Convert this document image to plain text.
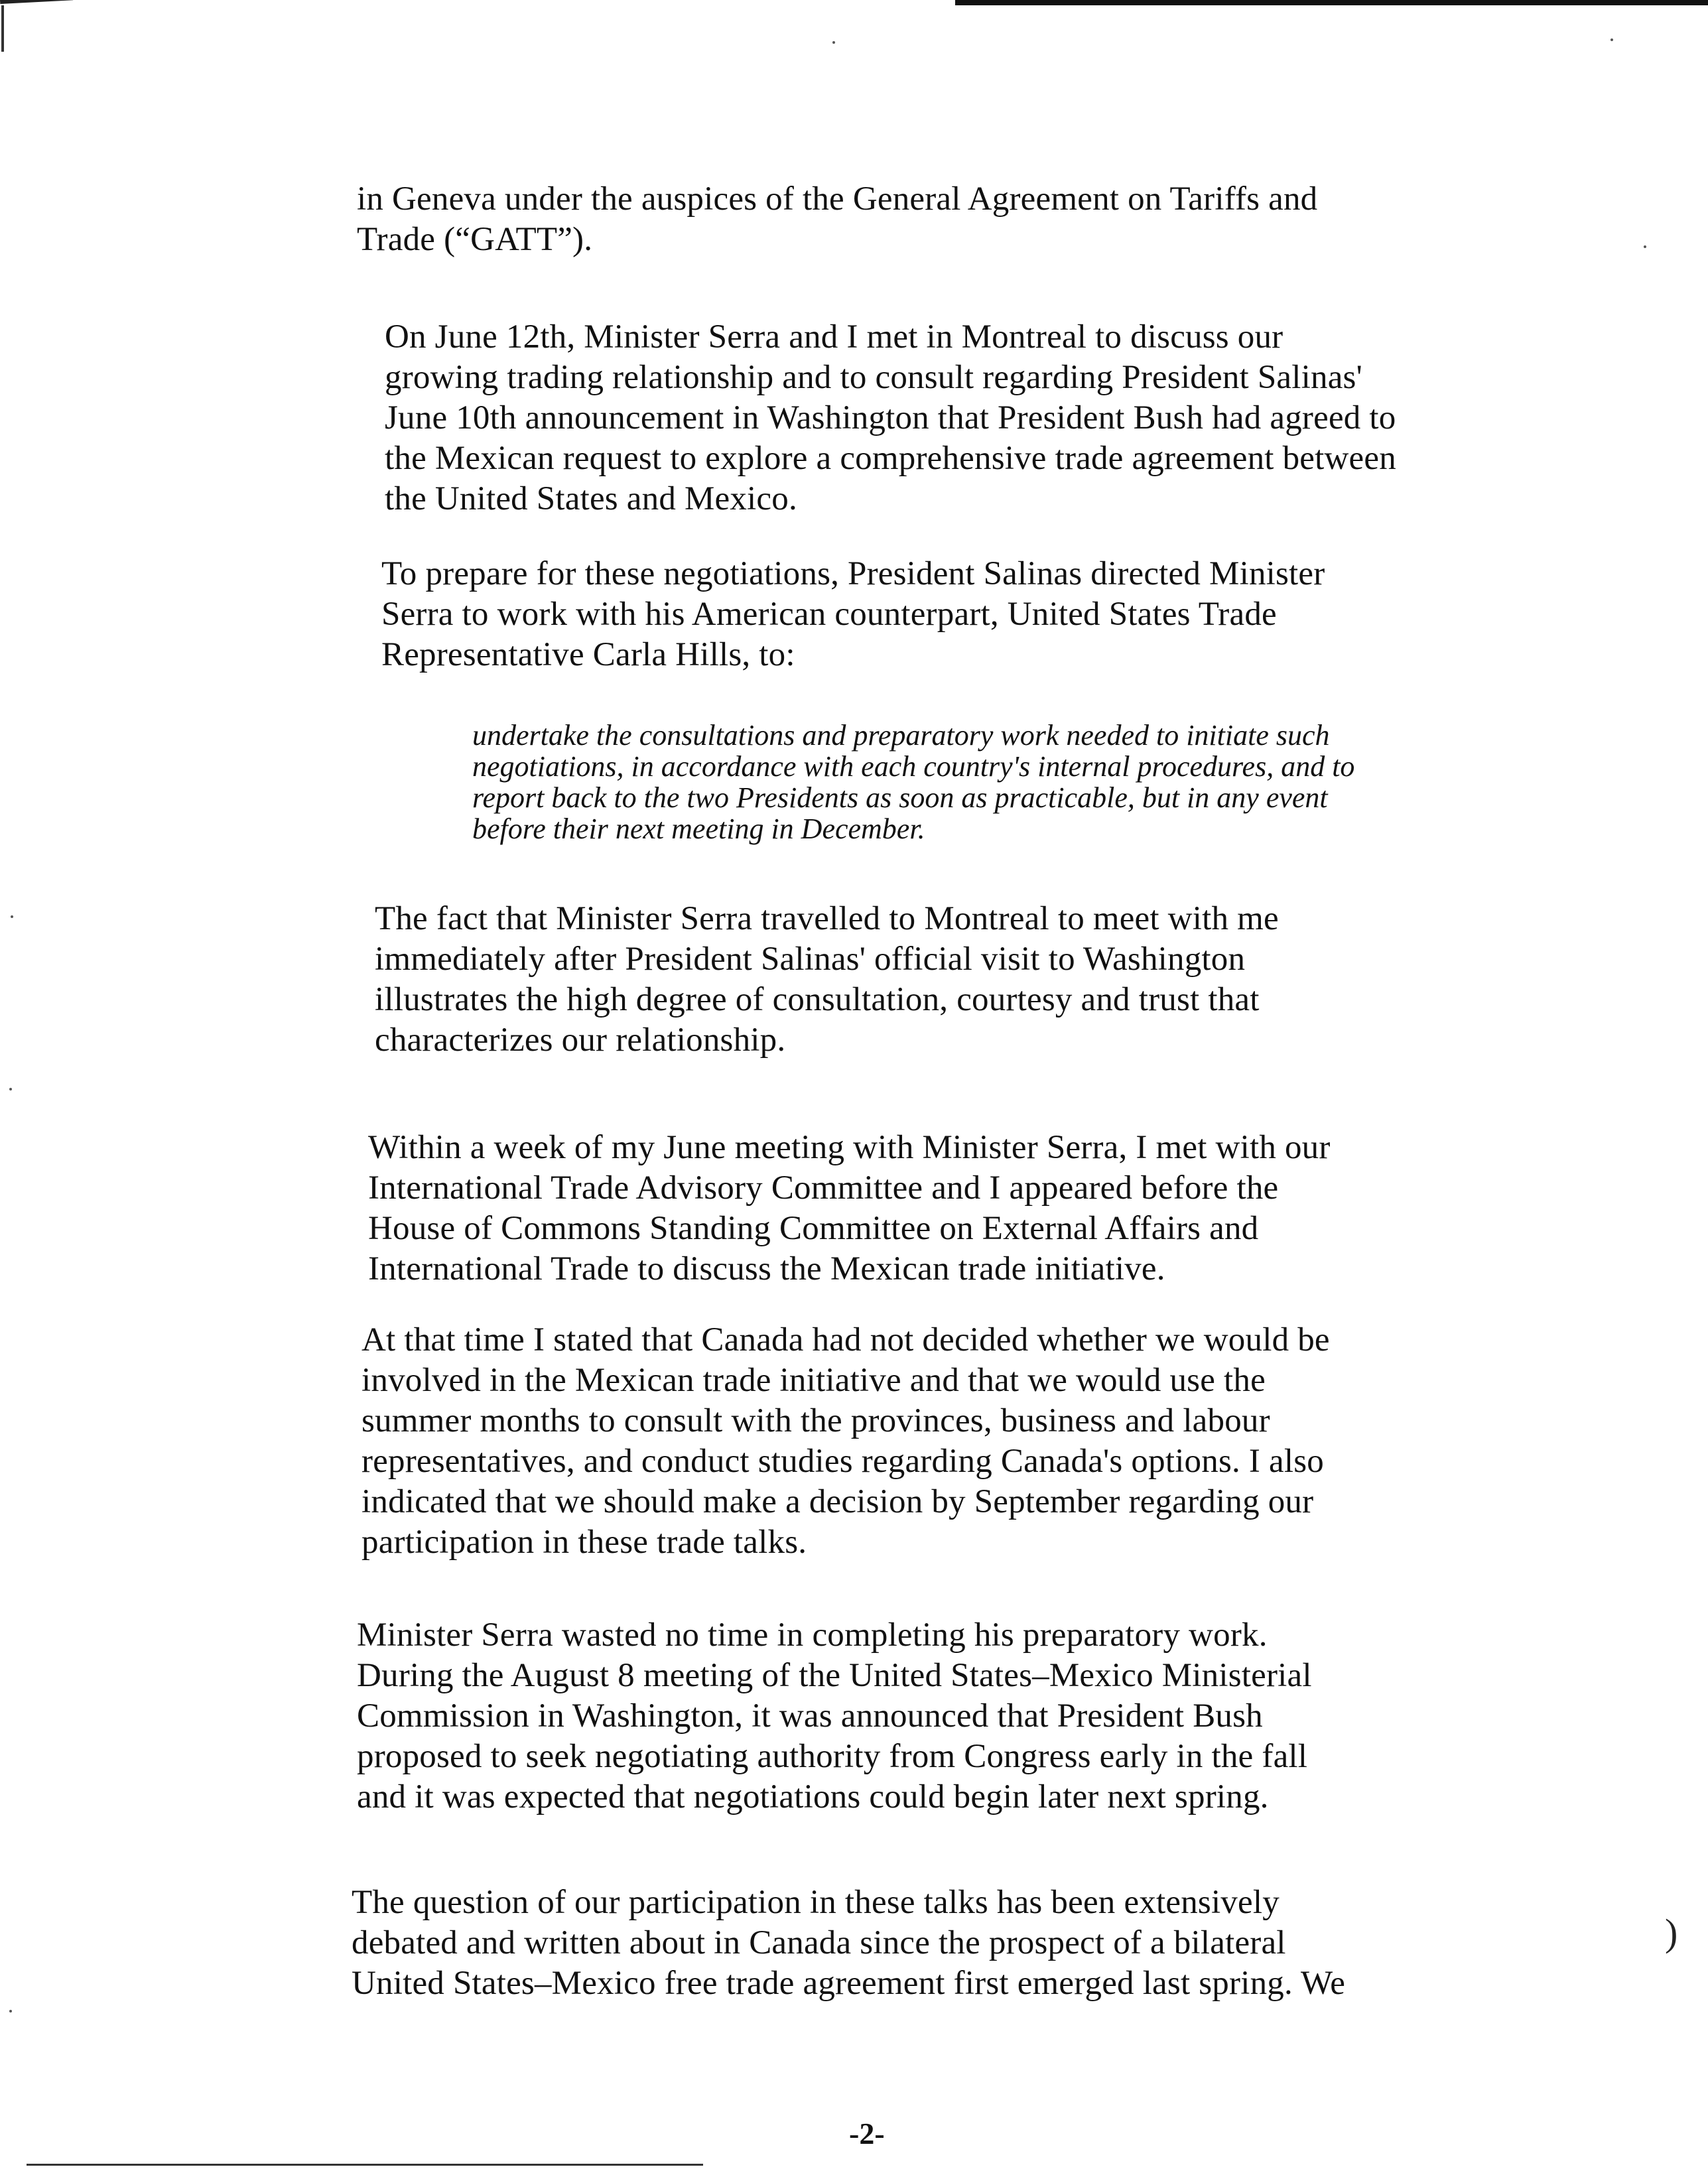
in Geneva under the auspices of the General Agreement on Tariffs and
Trade (“GATT”).

On June 12th, Minister Serra and I met in Montreal to discuss our
growing trading relationship and to consult regarding President Salinas'
June 10th announcement in Washington that President Bush had agreed to
the Mexican request to explore a comprehensive trade agreement between
the United States and Mexico.

To prepare for these negotiations, President Salinas directed Minister
Serra to work with his American counterpart, United States Trade
Representative Carla Hills, to:

undertake the consultations and preparatory work needed to initiate such
negotiations, in accordance with each country's internal procedures, and to
report back to the two Presidents as soon as practicable, but in any event
before their next meeting in December.

The fact that Minister Serra travelled to Montreal to meet with me
immediately after President Salinas' official visit to Washington
illustrates the high degree of consultation, courtesy and trust that
characterizes our relationship.

Within a week of my June meeting with Minister Serra, I met with our
International Trade Advisory Committee and I appeared before the
House of Commons Standing Committee on External Affairs and
International Trade to discuss the Mexican trade initiative.

At that time I stated that Canada had not decided whether we would be
involved in the Mexican trade initiative and that we would use the
summer months to consult with the provinces, business and labour
representatives, and conduct studies regarding Canada's options. I also
indicated that we should make a decision by September regarding our
participation in these trade talks.

Minister Serra wasted no time in completing his preparatory work.
During the August 8 meeting of the United States–Mexico Ministerial
Commission in Washington, it was announced that President Bush
proposed to seek negotiating authority from Congress early in the fall
and it was expected that negotiations could begin later next spring.

The question of our participation in these talks has been extensively
debated and written about in Canada since the prospect of a bilateral
United States–Mexico free trade agreement first emerged last spring. We

)

-2-
